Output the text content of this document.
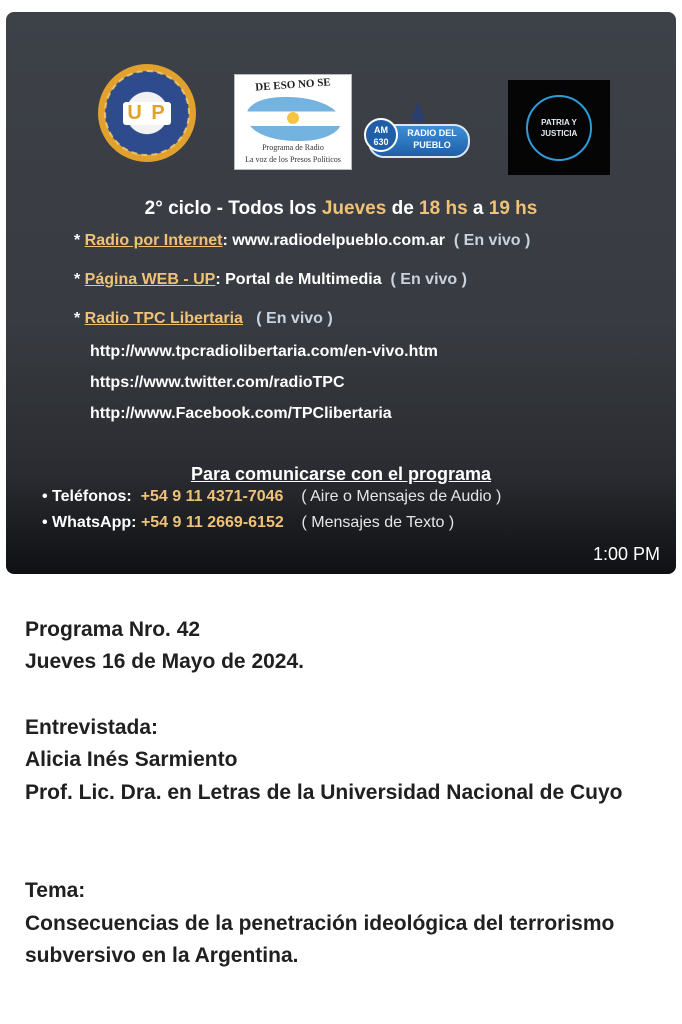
U P
DE ESO NO SE
Programa de Radio
La voz de los Presos Políticos
AM 630
RADIO DEL PUEBLO
PATRIA Y
JUSTICIA
2° ciclo - Todos los Jueves de 18 hs a 19 hs
* Radio por Internet: www.radiodelpueblo.com.ar ( En vivo )
* Página WEB - UP: Portal de Multimedia ( En vivo )
* Radio TPC Libertaria ( En vivo )
http://www.tpcradiolibertaria.com/en-vivo.htm
https://www.twitter.com/radioTPC
http://www.Facebook.com/TPClibertaria
Para comunicarse con el programa
• Teléfonos: +54 9 11 4371-7046 ( Aire o Mensajes de Audio )
• WhatsApp: +54 9 11 2669-6152 ( Mensajes de Texto )
1:00 PM
Programa Nro. 42
Jueves 16 de Mayo de 2024.
Entrevistada:
Alicia Inés Sarmiento
Prof. Lic. Dra. en Letras de la Universidad Nacional de Cuyo
Tema:
Consecuencias de la penetración ideológica del terrorismo subversivo en la Argentina.
